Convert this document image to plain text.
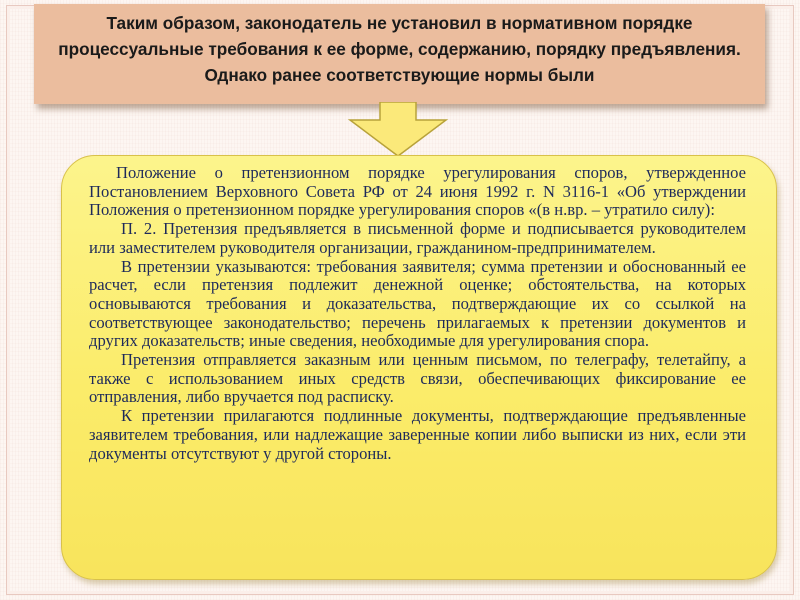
Таким образом, законодатель не установил в нормативном порядке процессуальные требования к ее форме, содержанию, порядку предъявления. Однако ранее соответствующие нормы были

Положение о претензионном порядке урегулирования споров, утвержденное Постановлением Верховного Совета РФ от 24 июня 1992 г. N 3116-1 «Об утверждении Положения о претензионном порядке урегулирования споров «(в н.вр. – утратило силу):

П. 2. Претензия предъявляется в письменной форме и подписывается руководителем или заместителем руководителя организации, гражданином-предпринимателем.

В претензии указываются: требования заявителя; сумма претензии и обоснованный ее расчет, если претензия подлежит денежной оценке; обстоятельства, на которых основываются требования и доказательства, подтверждающие их со ссылкой на соответствующее законодательство; перечень прилагаемых к претензии документов и других доказательств; иные сведения, необходимые для урегулирования спора.

Претензия отправляется заказным или ценным письмом, по телеграфу, телетайпу, а также с использованием иных средств связи, обеспечивающих фиксирование ее отправления, либо вручается под расписку.

К претензии прилагаются подлинные документы, подтверждающие предъявленные заявителем требования, или надлежащие заверенные копии либо выписки из них, если эти документы отсутствуют у другой стороны.
